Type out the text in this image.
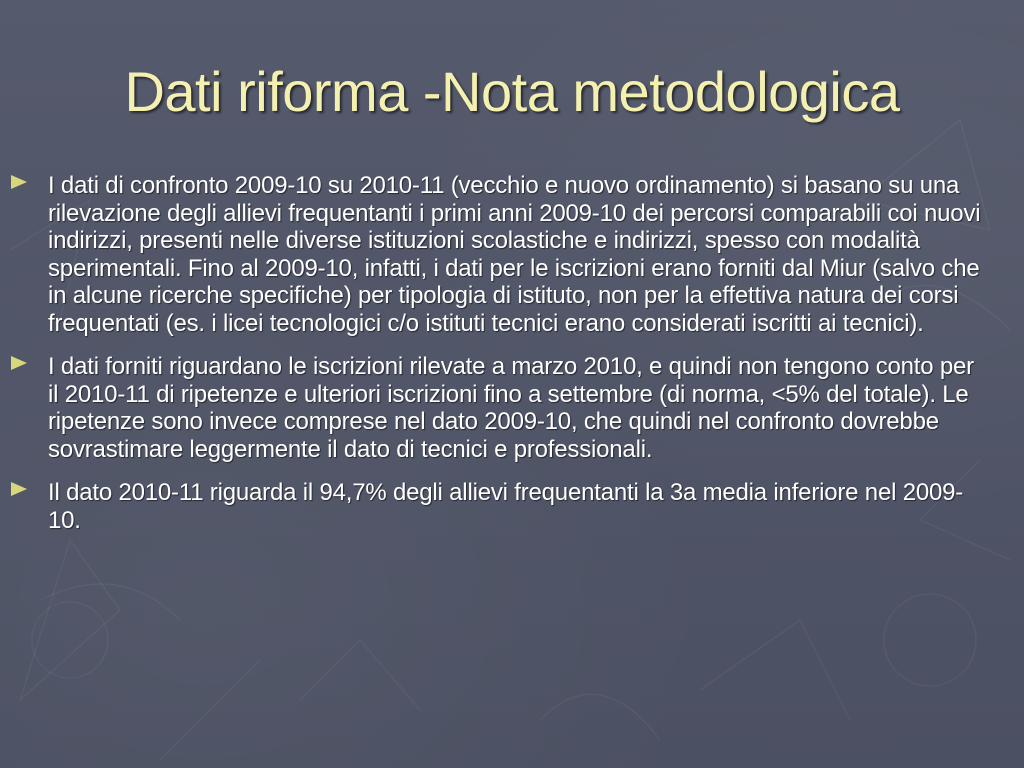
Dati riforma -Nota metodologica
I dati di confronto 2009-10 su 2010-11 (vecchio e nuovo ordinamento) si basano su una rilevazione degli allievi frequentanti i primi anni 2009-10 dei percorsi comparabili coi nuovi indirizzi, presenti nelle diverse istituzioni scolastiche e indirizzi, spesso con modalità sperimentali. Fino al 2009-10, infatti, i dati per le iscrizioni erano forniti dal Miur (salvo che in alcune ricerche specifiche) per tipologia di istituto, non per la effettiva natura dei corsi frequentati (es. i licei tecnologici c/o istituti tecnici erano considerati iscritti ai tecnici).
I dati forniti riguardano le iscrizioni rilevate a marzo 2010, e quindi non tengono conto per il 2010-11 di ripetenze e ulteriori iscrizioni fino a settembre (di norma, <5% del totale). Le ripetenze sono invece comprese nel dato 2009-10, che quindi nel confronto dovrebbe sovrastimare leggermente il dato di tecnici e professionali.
Il dato 2010-11 riguarda il 94,7% degli allievi frequentanti la 3a media inferiore nel 2009-10.
